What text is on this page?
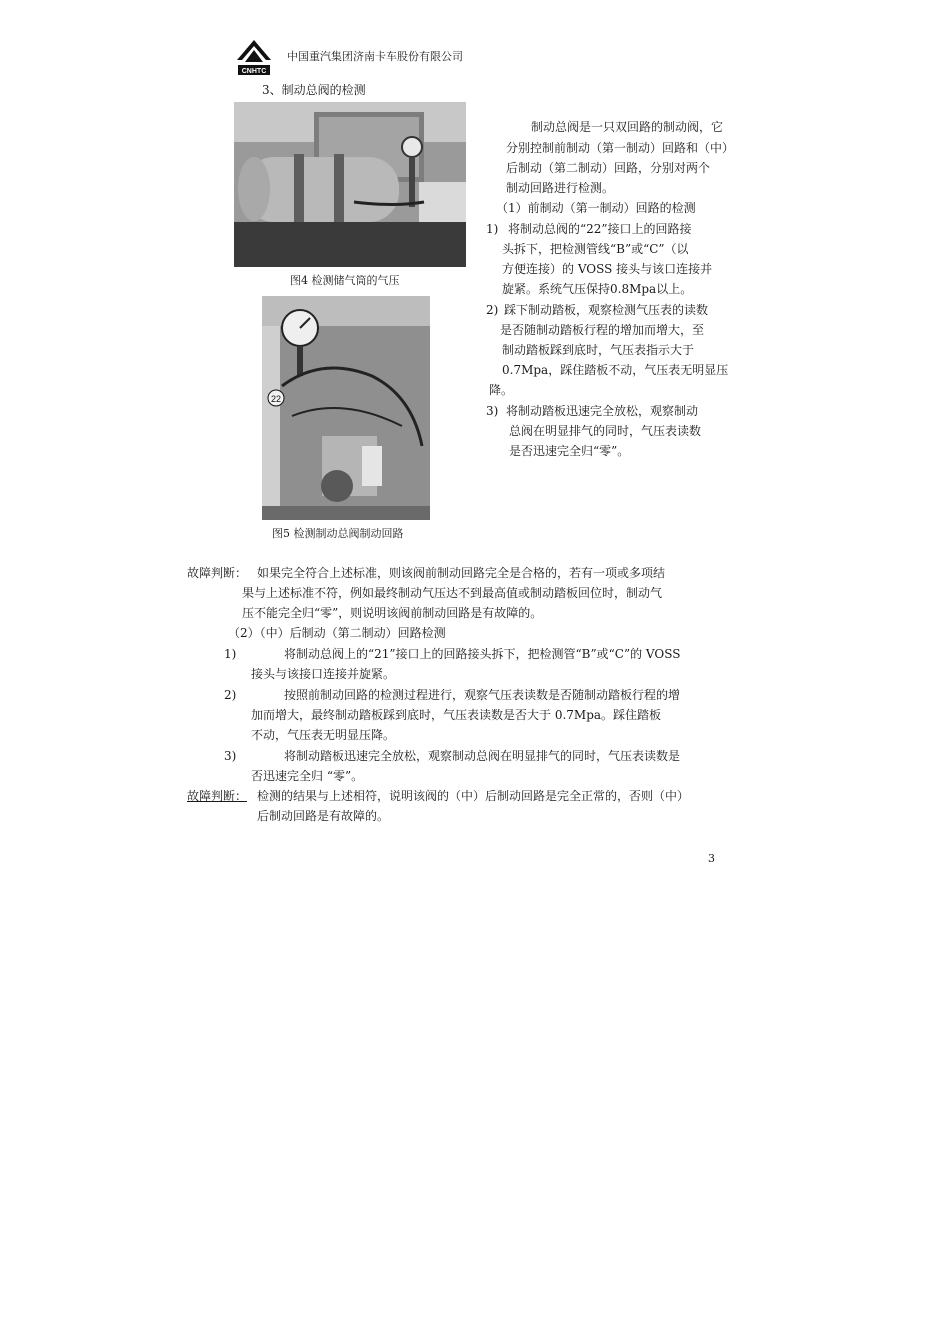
CNHTC
中国重汽集团济南卡车股份有限公司
3、制动总阀的检测
图4 检测储气筒的气压
22
图5 检测制动总阀制动回路
制动总阀是一只双回路的制动阀，它
分别控制前制动（第一制动）回路和（中）
后制动（第二制动）回路，分别对两个
制动回路进行检测。
（1）前制动（第一制动）回路的检测
1) 将制动总阀的“22”接口上的回路接
头拆下，把检测管线“B”或“C”（以
方便连接）的 VOSS 接头与该口连接并
旋紧。系统气压保持0.8Mpa以上。
2) 踩下制动踏板，观察检测气压表的读数
是否随制动踏板行程的增加而增大，至
制动踏板踩到底时，气压表指示大于
0.7Mpa，踩住踏板不动，气压表无明显压
降。
3) 将制动踏板迅速完全放松，观察制动
总阀在明显排气的同时，气压表读数
是否迅速完全归“零”。
故障判断： 如果完全符合上述标准，则该阀前制动回路完全是合格的，若有一项或多项结
果与上述标准不符，例如最终制动气压达不到最高值或制动踏板回位时，制动气
压不能完全归“零”，则说明该阀前制动回路是有故障的。
（2）（中）后制动（第二制动）回路检测
1)	将制动总阀上的“21”接口上的回路接头拆下，把检测管“B”或“C”的 VOSS
接头与该接口连接并旋紧。
2)	按照前制动回路的检测过程进行，观察气压表读数是否随制动踏板行程的增
加而增大，最终制动踏板踩到底时，气压表读数是否大于 0.7Mpa。踩住踏板
不动，气压表无明显压降。
3)	将制动踏板迅速完全放松，观察制动总阀在明显排气的同时，气压表读数是
否迅速完全归 “零”。
故障判断： 检测的结果与上述相符，说明该阀的（中）后制动回路是完全正常的，否则（中）
后制动回路是有故障的。
3
